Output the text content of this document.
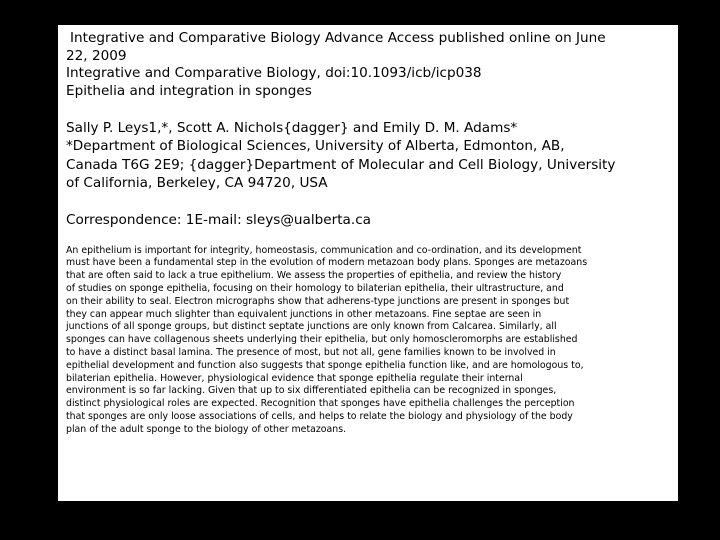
Integrative and Comparative Biology Advance Access published online on June
22, 2009
Integrative and Comparative Biology, doi:10.1093/icb/icp038
Epithelia and integration in sponges
Sally P. Leys1,*, Scott A. Nichols{dagger} and Emily D. M. Adams*
*Department of Biological Sciences, University of Alberta, Edmonton, AB,
Canada T6G 2E9; {dagger}Department of Molecular and Cell Biology, University
of California, Berkeley, CA 94720, USA
Correspondence: 1E-mail: sleys@ualberta.ca
An epithelium is important for integrity, homeostasis, communication and co-ordination, and its development
must have been a fundamental step in the evolution of modern metazoan body plans. Sponges are metazoans
that are often said to lack a true epithelium. We assess the properties of epithelia, and review the history
of studies on sponge epithelia, focusing on their homology to bilaterian epithelia, their ultrastructure, and
on their ability to seal. Electron micrographs show that adherens-type junctions are present in sponges but
they can appear much slighter than equivalent junctions in other metazoans. Fine septae are seen in
junctions of all sponge groups, but distinct septate junctions are only known from Calcarea. Similarly, all
sponges can have collagenous sheets underlying their epithelia, but only homoscleromorphs are established
to have a distinct basal lamina. The presence of most, but not all, gene families known to be involved in
epithelial development and function also suggests that sponge epithelia function like, and are homologous to,
bilaterian epithelia. However, physiological evidence that sponge epithelia regulate their internal
environment is so far lacking. Given that up to six differentiated epithelia can be recognized in sponges,
distinct physiological roles are expected. Recognition that sponges have epithelia challenges the perception
that sponges are only loose associations of cells, and helps to relate the biology and physiology of the body
plan of the adult sponge to the biology of other metazoans.
